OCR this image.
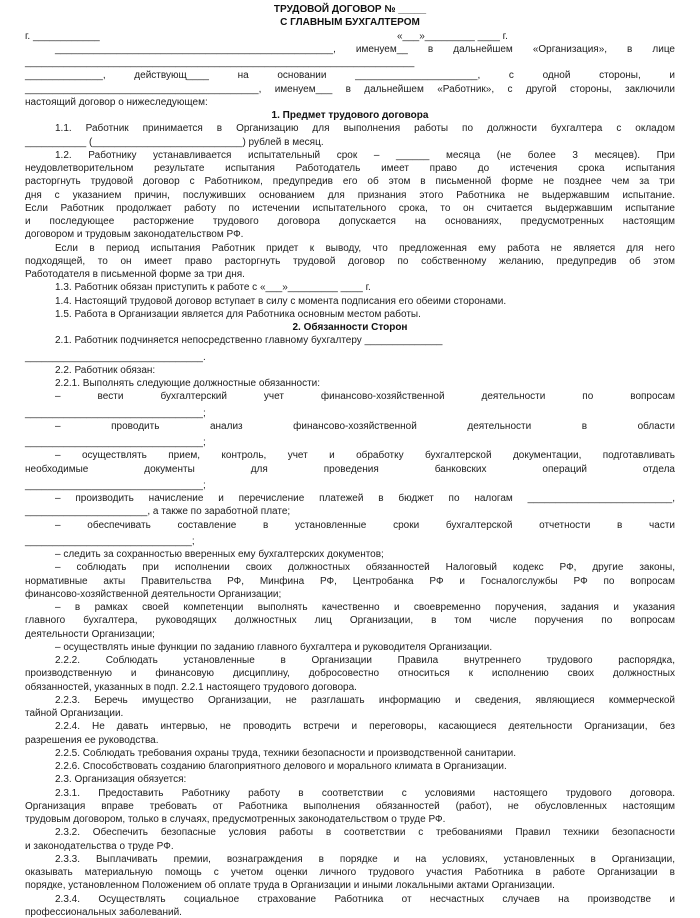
ТРУДОВОЙ ДОГОВОР № _____
С ГЛАВНЫМ БУХГАЛТЕРОМ
г. ____________	«___»_________ ____ г.
__________________________________________________, именуем__ в дальнейшем «Организация», в лице
______________________________________________________________________
______________, действующ____ на основании ______________________, с одной стороны, и
__________________________________________, именуем___ в дальнейшем «Работник», с другой стороны, заключили
настоящий договор о нижеследующем:
1. Предмет трудового договора
1.1. Работник принимается в Организацию для выполнения работы по должности бухгалтера с окладом
___________ (___________________________) рублей в месяц.
1.2. Работнику устанавливается испытательный срок – ______ месяца (не более 3 месяцев). При
неудовлетворительном результате испытания Работодатель имеет право до истечения срока испытания
расторгнуть трудовой договор с Работником, предупредив его об этом в письменной форме не позднее чем за три
дня с указанием причин, послуживших основанием для признания этого Работника не выдержавшим испытание.
Если Работник продолжает работу по истечении испытательного срока, то он считается выдержавшим испытание
и последующее расторжение трудового договора допускается на основаниях, предусмотренных настоящим
договором и трудовым законодательством РФ.
Если в период испытания Работник придет к выводу, что предложенная ему работа не является для него
подходящей, то он имеет право расторгнуть трудовой договор по собственному желанию, предупредив об этом
Работодателя в письменной форме за три дня.
1.3. Работник обязан приступить к работе с «___»_________ ____ г.
1.4. Настоящий трудовой договор вступает в силу с момента подписания его обеими сторонами.
1.5. Работа в Организации является для Работника основным местом работы.
2. Обязанности Сторон
2.1. Работник подчиняется непосредственно главному бухгалтеру ______________
________________________________.
2.2. Работник обязан:
2.2.1. Выполнять следующие должностные обязанности:
– вести бухгалтерский учет финансово-хозяйственной деятельности по вопросам
________________________________;
– проводить анализ финансово-хозяйственной деятельности в области
________________________________;
– осуществлять прием, контроль, учет и обработку бухгалтерской документации, подготавливать
необходимые документы для проведения банковских операций отдела
________________________________;
– производить начисление и перечисление платежей в бюджет по налогам __________________________,
______________________, а также по заработной плате;
– обеспечивать составление в установленные сроки бухгалтерской отчетности в части
______________________________;
– следить за сохранностью вверенных ему бухгалтерских документов;
– соблюдать при исполнении своих должностных обязанностей Налоговый кодекс РФ, другие законы,
нормативные акты Правительства РФ, Минфина РФ, Центробанка РФ и Госналогслужбы РФ по вопросам
финансово-хозяйственной деятельности Организации;
– в рамках своей компетенции выполнять качественно и своевременно поручения, задания и указания
главного бухгалтера, руководящих должностных лиц Организации, в том числе поручения по вопросам
деятельности Организации;
– осуществлять иные функции по заданию главного бухгалтера и руководителя Организации.
2.2.2. Соблюдать установленные в Организации Правила внутреннего трудового распорядка,
производственную и финансовую дисциплину, добросовестно относиться к исполнению своих должностных
обязанностей, указанных в подп. 2.2.1 настоящего трудового договора.
2.2.3. Беречь имущество Организации, не разглашать информацию и сведения, являющиеся коммерческой
тайной Организации.
2.2.4. Не давать интервью, не проводить встречи и переговоры, касающиеся деятельности Организации, без
разрешения ее руководства.
2.2.5. Соблюдать требования охраны труда, техники безопасности и производственной санитарии.
2.2.6. Способствовать созданию благоприятного делового и морального климата в Организации.
2.3. Организация обязуется:
2.3.1. Предоставить Работнику работу в соответствии с условиями настоящего трудового договора.
Организация вправе требовать от Работника выполнения обязанностей (работ), не обусловленных настоящим
трудовым договором, только в случаях, предусмотренных законодательством о труде РФ.
2.3.2. Обеспечить безопасные условия работы в соответствии с требованиями Правил техники безопасности
и законодательства о труде РФ.
2.3.3. Выплачивать премии, вознаграждения в порядке и на условиях, установленных в Организации,
оказывать материальную помощь с учетом оценки личного трудового участия Работника в работе Организации в
порядке, установленном Положением об оплате труда в Организации и иными локальными актами Организации.
2.3.4. Осуществлять социальное страхование Работника от несчастных случаев на производстве и
профессиональных заболеваний.
